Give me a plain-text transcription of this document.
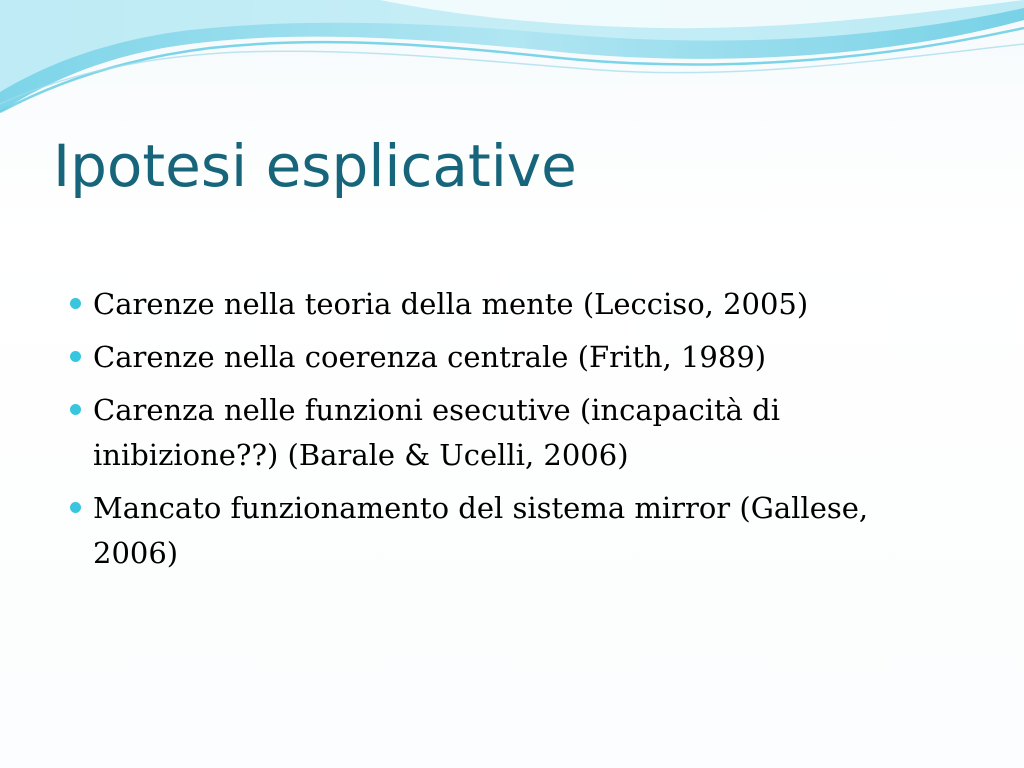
Ipotesi esplicative
Carenze nella teoria della mente (Lecciso, 2005)
Carenze nella coerenza centrale (Frith, 1989)
Carenza nelle funzioni esecutive (incapacità di inibizione??) (Barale & Ucelli, 2006)
Mancato funzionamento del sistema mirror (Gallese, 2006)
